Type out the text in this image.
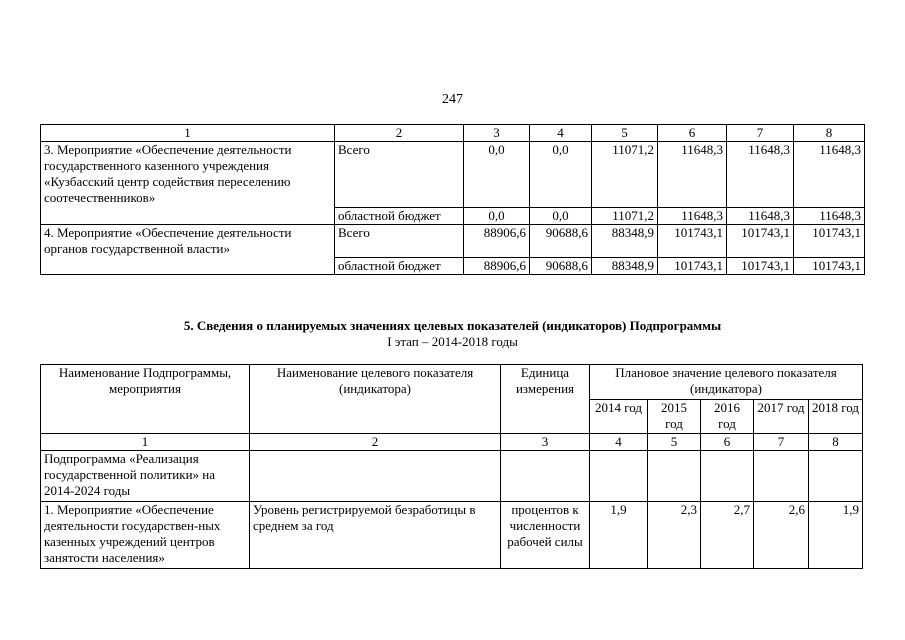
247
1	2	3	4	5	6	7	8
3. Мероприятие «Обеспечение деятельности государственного казенного учреждения «Кузбасский центр содействия переселению соотечественников»	Всего	0,0	0,0	11071,2	11648,3	11648,3	11648,3
	областной бюджет	0,0	0,0	11071,2	11648,3	11648,3	11648,3
4. Мероприятие «Обеспечение деятельности органов государственной власти»	Всего	88906,6	90688,6	88348,9	101743,1	101743,1	101743,1
	областной бюджет	88906,6	90688,6	88348,9	101743,1	101743,1	101743,1
5. Сведения о планируемых значениях целевых показателей (индикаторов) Подпрограммы
I этап – 2014-2018 годы
Наименование Подпрограммы, мероприятия	Наименование целевого показателя (индикатора)	Единица измерения	Плановое значение целевого показателя (индикатора)				
			2014 год	2015 год	2016 год	2017 год	2018 год
1	2	3	4	5	6	7	8
Подпрограмма «Реализация государственной политики» на 2014-2024 годы							
1. Мероприятие «Обеспечение деятельности государствен-ных казенных учреждений центров занятости населения»	Уровень регистрируемой безработицы в среднем за год	процентов к численности рабочей силы	1,9	2,3	2,7	2,6	1,9
